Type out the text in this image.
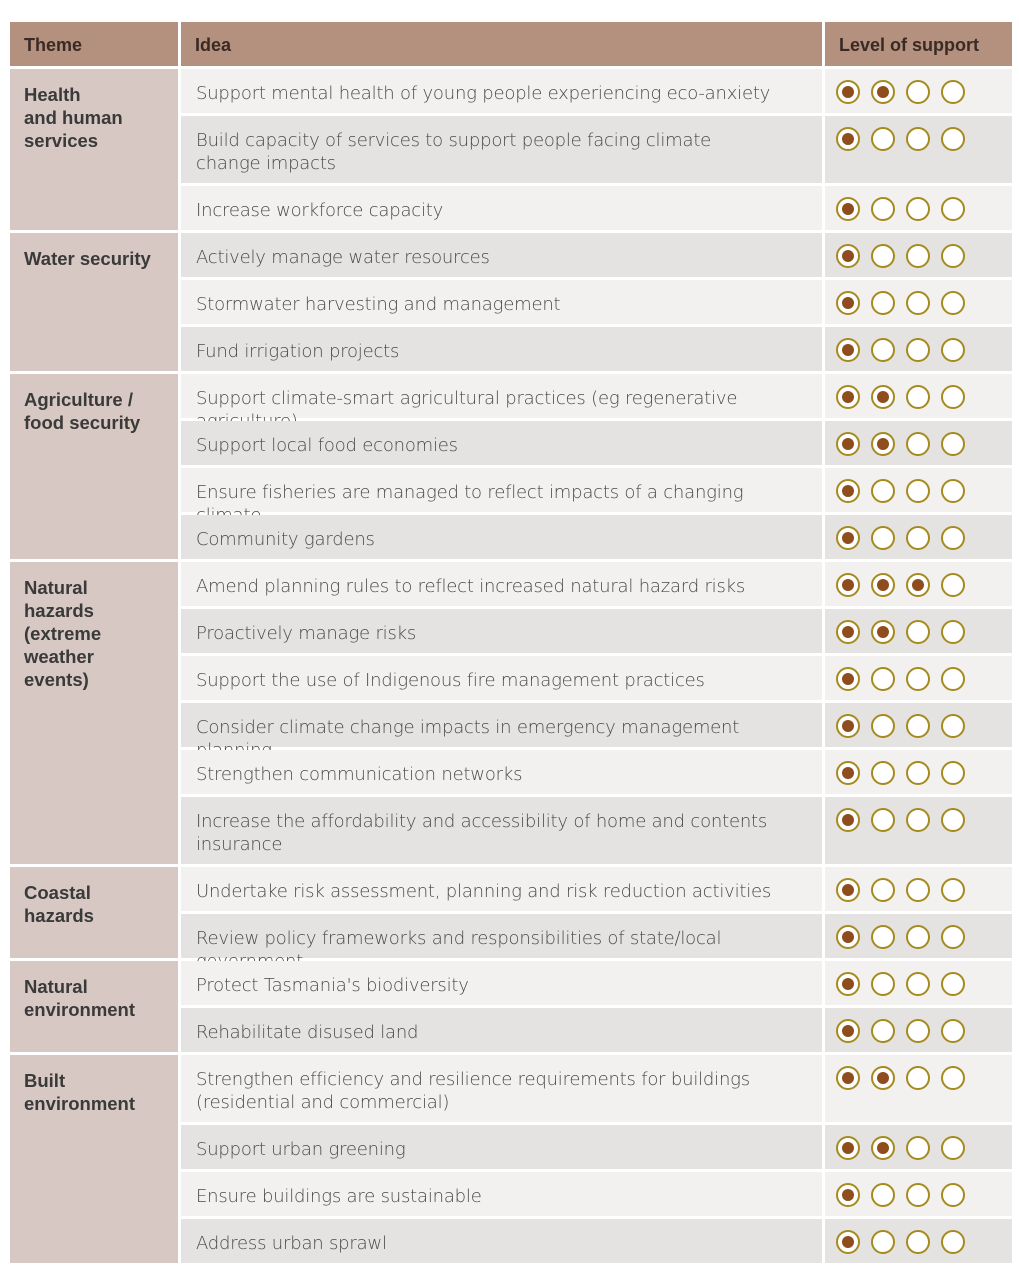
Theme	Idea	Level of support
Support mental health of young people experiencing eco-anxiety
Build capacity of services to support people facing climate
change impacts
Increase workforce capacity
Health
and human
services
Actively manage water resources
Stormwater harvesting and management
Fund irrigation projects
Water security
Support climate-smart agricultural practices (eg regenerative
Support local food economies
Ensure fisheries are managed to reflect impacts of a changing
Community gardens
Agriculture /
food security
Amend planning rules to reflect increased natural hazard risks
Proactively manage risks
Support the use of Indigenous fire management practices
Consider climate change impacts in emergency management
Strengthen communication networks
Increase the affordability and accessibility of home and contents
insurance
Natural
hazards
(extreme
weather
events)
Undertake risk assessment, planning and risk reduction activities
Review policy frameworks and responsibilities of state/local
Coastal
hazards
Protect Tasmania's biodiversity
Rehabilitate disused land
Natural
environment
Strengthen efficiency and resilience requirements for buildings
(residential and commercial)
Support urban greening
Ensure buildings are sustainable
Address urban sprawl
Built
environment
